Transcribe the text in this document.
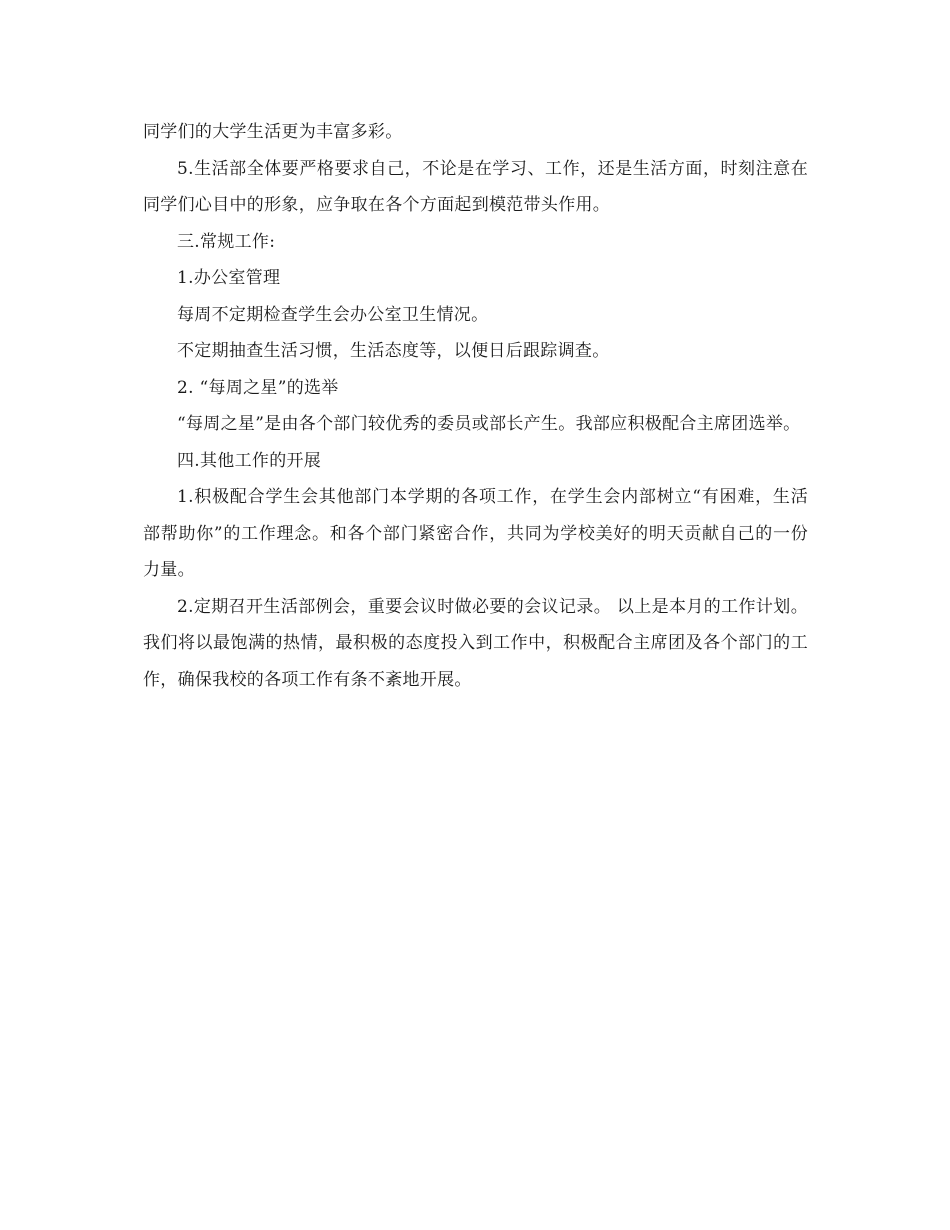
同学们的大学生活更为丰富多彩。

5.生活部全体要严格要求自己，不论是在学习、工作，还是生活方面，时刻注意在同学们心目中的形象，应争取在各个方面起到模范带头作用。

三.常规工作:

1.办公室管理

每周不定期检查学生会办公室卫生情况。

不定期抽查生活习惯，生活态度等，以便日后跟踪调查。

2. “每周之星”的选举

“每周之星”是由各个部门较优秀的委员或部长产生。我部应积极配合主席团选举。

四.其他工作的开展

1.积极配合学生会其他部门本学期的各项工作，在学生会内部树立“有困难，生活部帮助你”的工作理念。和各个部门紧密合作，共同为学校美好的明天贡献自己的一份力量。

2.定期召开生活部例会，重要会议时做必要的会议记录。 以上是本月的工作计划。我们将以最饱满的热情，最积极的态度投入到工作中，积极配合主席团及各个部门的工作，确保我校的各项工作有条不紊地开展。
